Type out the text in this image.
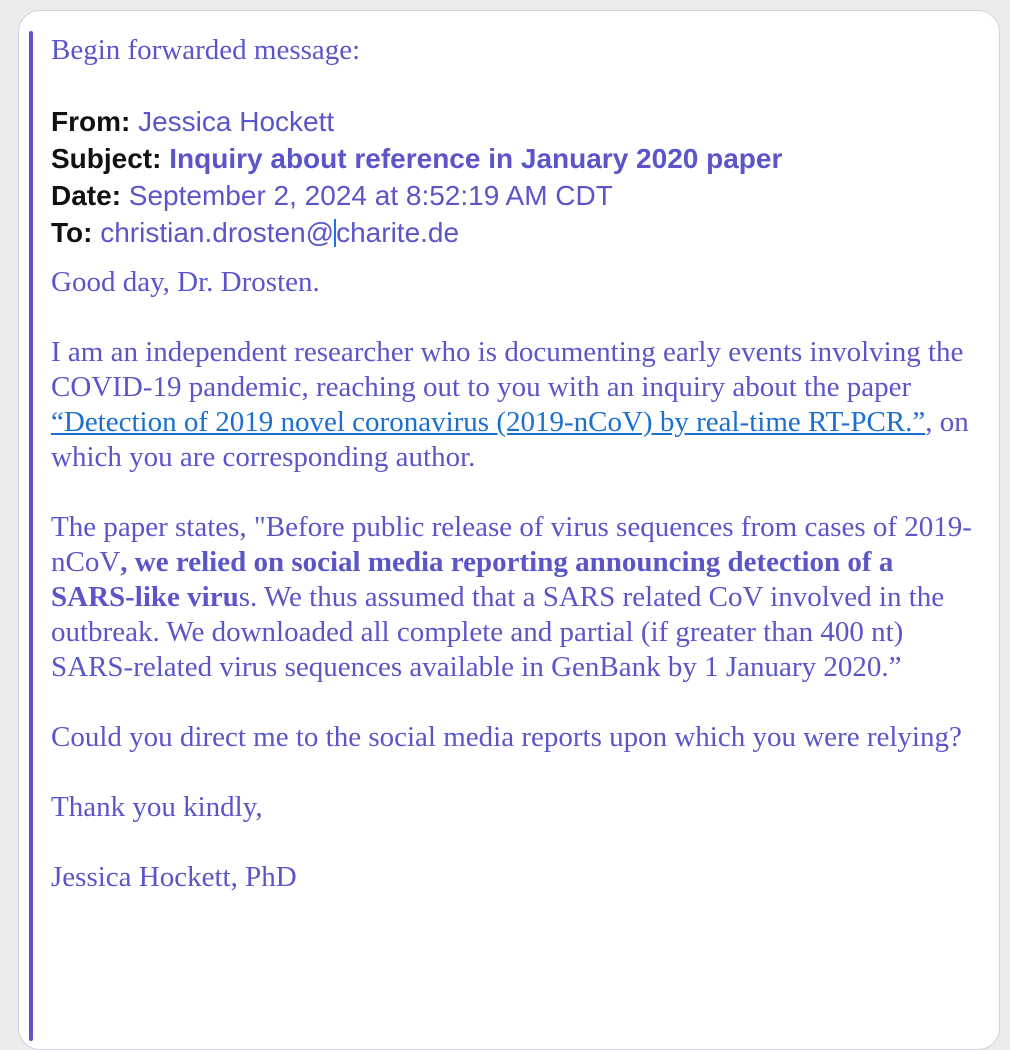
Begin forwarded message:

From: Jessica Hockett

Subject: Inquiry about reference in January 2020 paper

Date: September 2, 2024 at 8:52:19 AM CDT

To: christian.drosten@charite.de

Good day, Dr. Drosten.

I am an independent researcher who is documenting early events involving the COVID-19 pandemic, reaching out to you with an inquiry about the paper “Detection of 2019 novel coronavirus (2019-nCoV) by real-time RT-PCR.”, on which you are corresponding author.

The paper states, "Before public release of virus sequences from cases of 2019-nCoV, we relied on social media reporting announcing detection of a SARS-like virus. We thus assumed that a SARS related CoV involved in the outbreak. We downloaded all complete and partial (if greater than 400 nt) SARS-related virus sequences available in GenBank by 1 January 2020.”

Could you direct me to the social media reports upon which you were relying?

Thank you kindly,

Jessica Hockett, PhD
